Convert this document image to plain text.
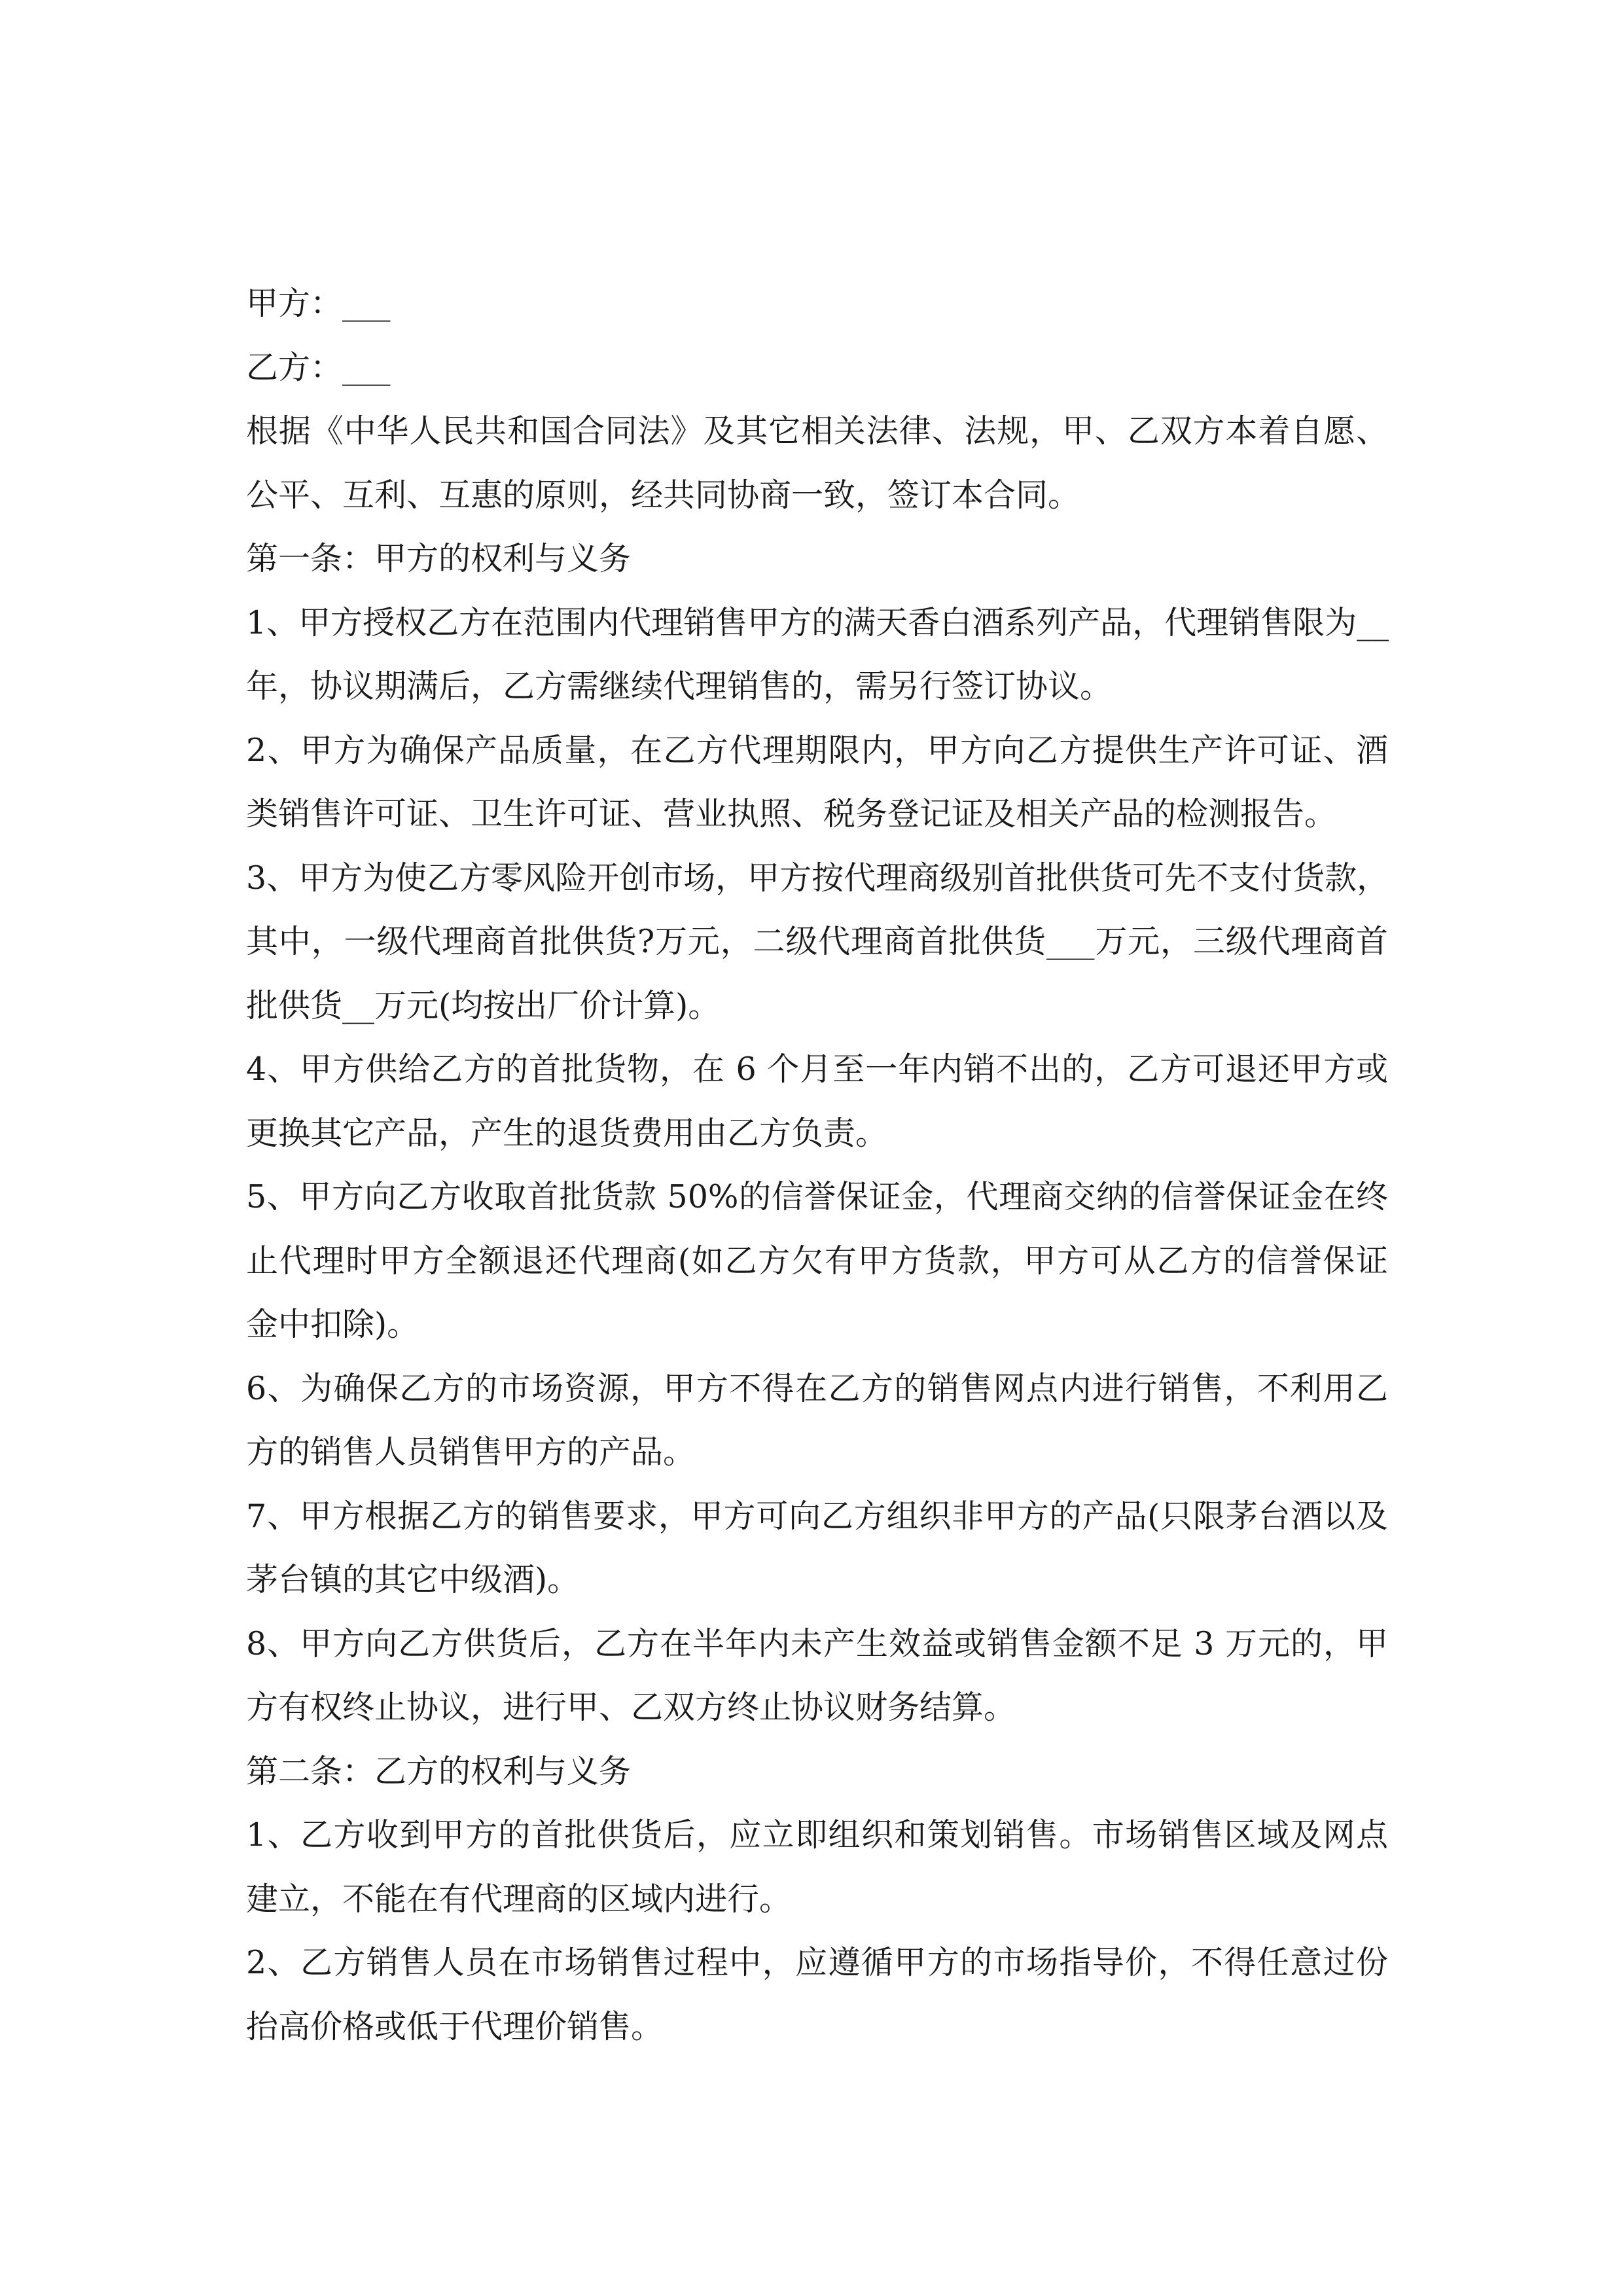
甲方：___
乙方：___
根据《中华人民共和国合同法》及其它相关法律、法规，甲、乙双方本着自愿、
公平、互利、互惠的原则，经共同协商一致，签订本合同。
第一条：甲方的权利与义务
1、甲方授权乙方在范围内代理销售甲方的满天香白酒系列产品，代理销售限为__
年，协议期满后，乙方需继续代理销售的，需另行签订协议。
2、甲方为确保产品质量，在乙方代理期限内，甲方向乙方提供生产许可证、酒
类销售许可证、卫生许可证、营业执照、税务登记证及相关产品的检测报告。
3、甲方为使乙方零风险开创市场，甲方按代理商级别首批供货可先不支付货款，
其中，一级代理商首批供货?万元，二级代理商首批供货___万元，三级代理商首
批供货__万元(均按出厂价计算)。
4、甲方供给乙方的首批货物，在 6 个月至一年内销不出的，乙方可退还甲方或
更换其它产品，产生的退货费用由乙方负责。
5、甲方向乙方收取首批货款 50%的信誉保证金，代理商交纳的信誉保证金在终
止代理时甲方全额退还代理商(如乙方欠有甲方货款，甲方可从乙方的信誉保证
金中扣除)。
6、为确保乙方的市场资源，甲方不得在乙方的销售网点内进行销售，不利用乙
方的销售人员销售甲方的产品。
7、甲方根据乙方的销售要求，甲方可向乙方组织非甲方的产品(只限茅台酒以及
茅台镇的其它中级酒)。
8、甲方向乙方供货后，乙方在半年内未产生效益或销售金额不足 3 万元的，甲
方有权终止协议，进行甲、乙双方终止协议财务结算。
第二条：乙方的权利与义务
1、乙方收到甲方的首批供货后，应立即组织和策划销售。市场销售区域及网点
建立，不能在有代理商的区域内进行。
2、乙方销售人员在市场销售过程中，应遵循甲方的市场指导价，不得任意过份
抬高价格或低于代理价销售。
